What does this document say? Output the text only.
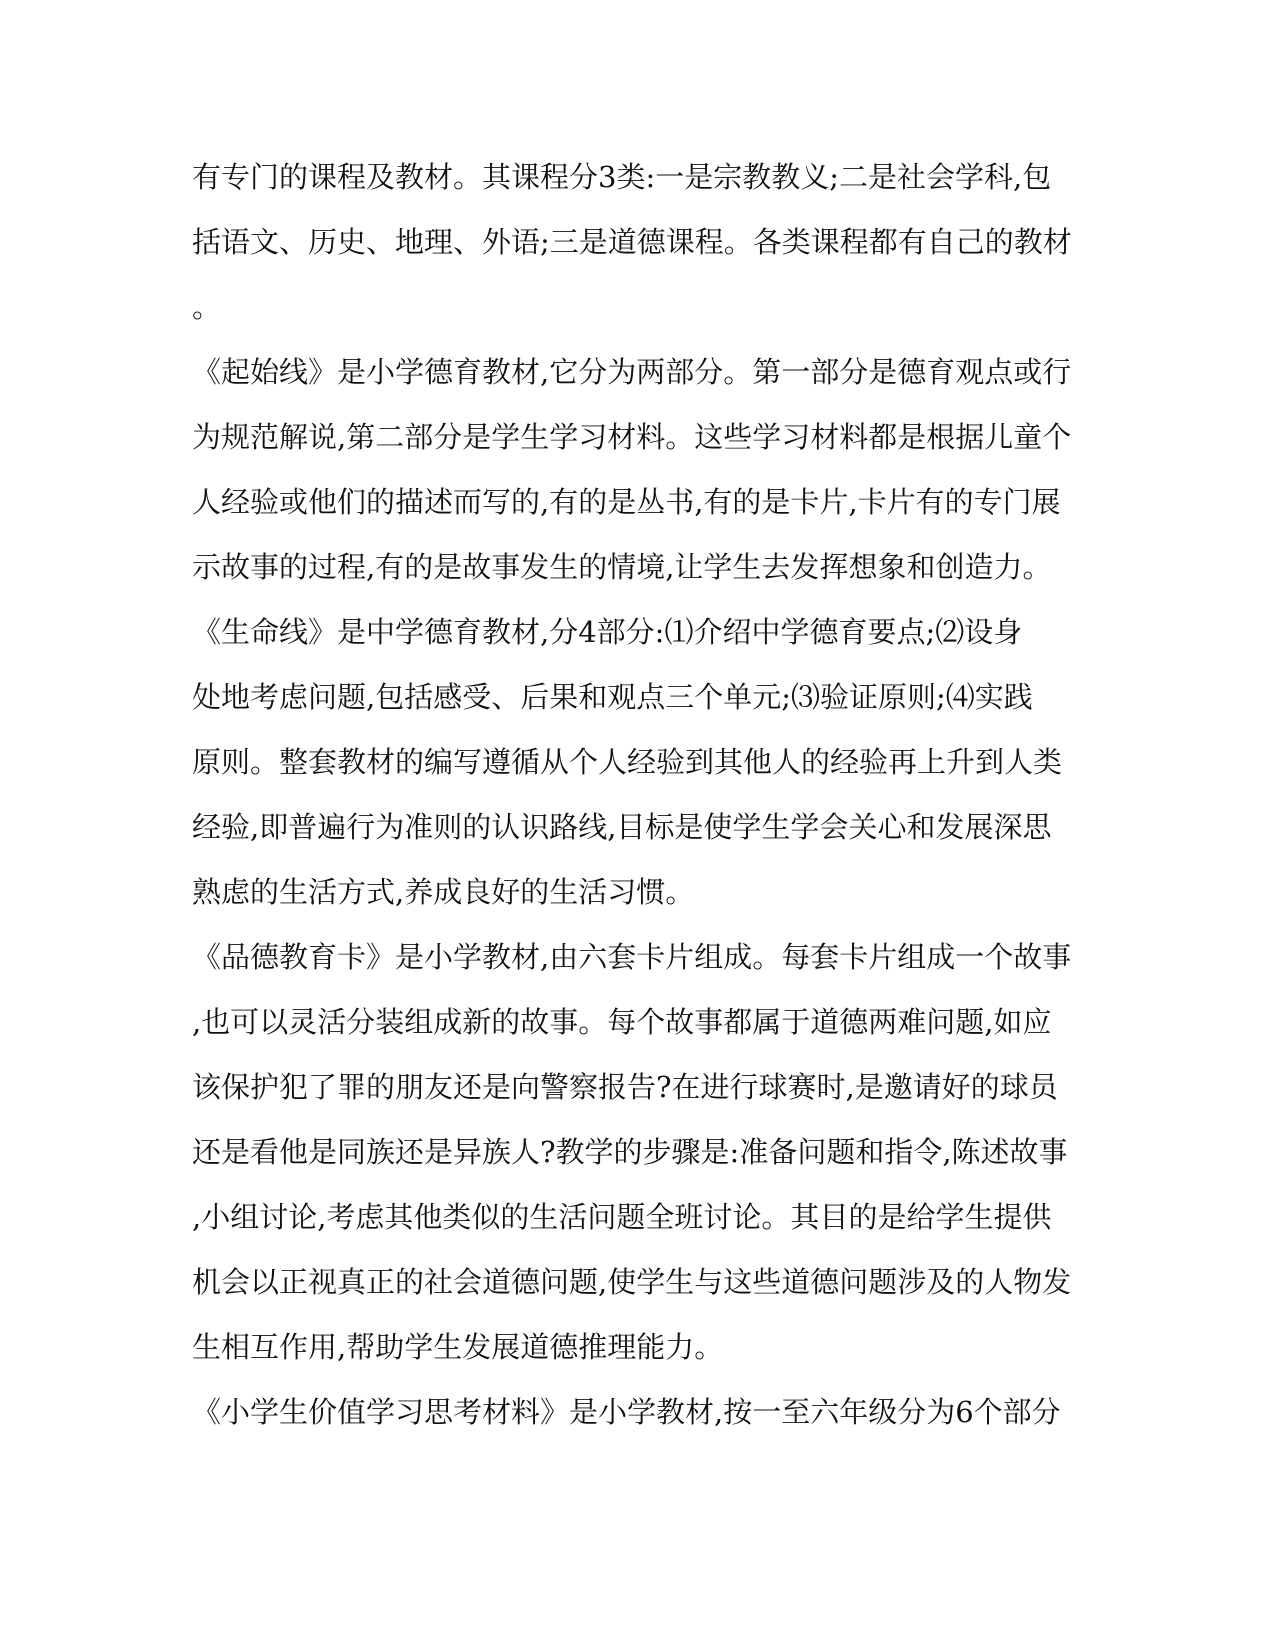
有专门的课程及教材。其课程分3类:一是宗教教义;二是社会学科,包
括语文、历史、地理、外语;三是道德课程。各类课程都有自己的教材
。
《起始线》是小学德育教材,它分为两部分。第一部分是德育观点或行
为规范解说,第二部分是学生学习材料。这些学习材料都是根据儿童个
人经验或他们的描述而写的,有的是丛书,有的是卡片,卡片有的专门展
示故事的过程,有的是故事发生的情境,让学生去发挥想象和创造力。
《生命线》是中学德育教材,分4部分:⑴介绍中学德育要点;⑵设身
处地考虑问题,包括感受、后果和观点三个单元;⑶验证原则;⑷实践
原则。整套教材的编写遵循从个人经验到其他人的经验再上升到人类
经验,即普遍行为准则的认识路线,目标是使学生学会关心和发展深思
熟虑的生活方式,养成良好的生活习惯。
《品德教育卡》是小学教材,由六套卡片组成。每套卡片组成一个故事
,也可以灵活分装组成新的故事。每个故事都属于道德两难问题,如应
该保护犯了罪的朋友还是向警察报告?在进行球赛时,是邀请好的球员
还是看他是同族还是异族人?教学的步骤是:准备问题和指令,陈述故事
,小组讨论,考虑其他类似的生活问题全班讨论。其目的是给学生提供
机会以正视真正的社会道德问题,使学生与这些道德问题涉及的人物发
生相互作用,帮助学生发展道德推理能力。
《小学生价值学习思考材料》是小学教材,按一至六年级分为6个部分
